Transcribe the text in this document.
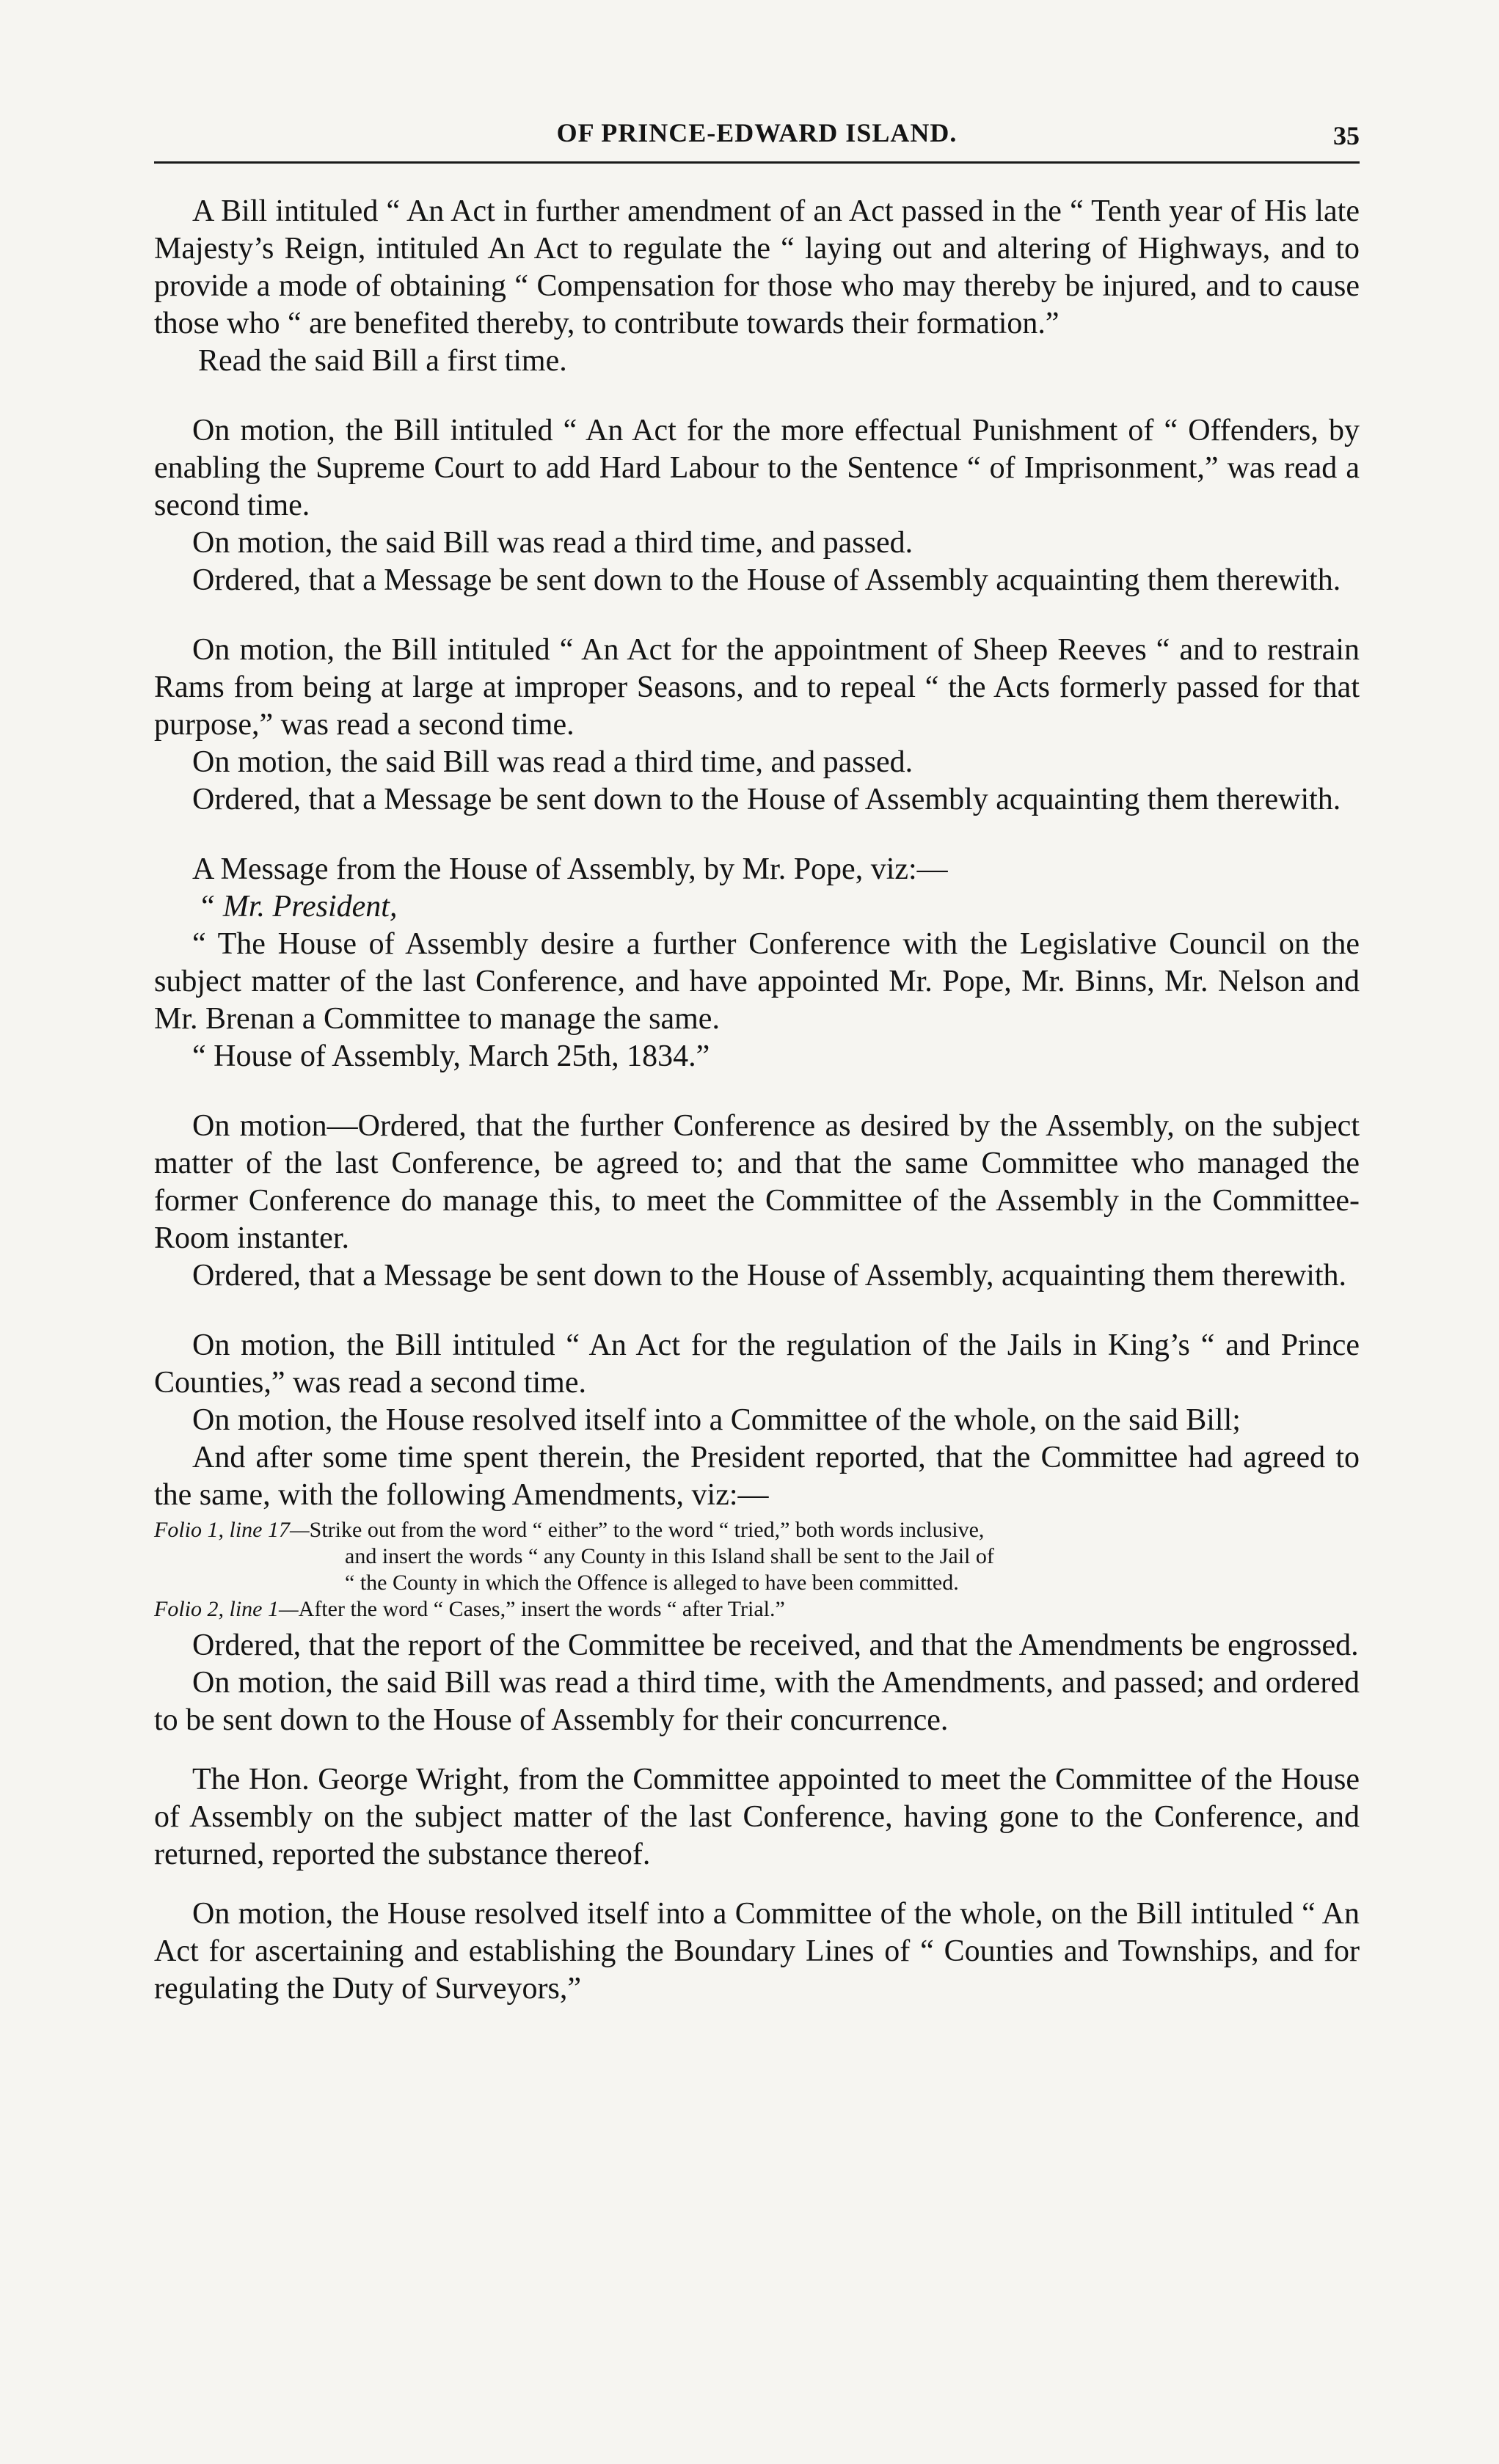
OF PRINCE-EDWARD ISLAND.	35

A Bill intituled “ An Act in further amendment of an Act passed in the “ Tenth year of His late Majesty’s Reign, intituled An Act to regulate the “ laying out and altering of Highways, and to provide a mode of obtaining “ Compensation for those who may thereby be injured, and to cause those who “ are benefited thereby, to contribute towards their formation.”

Read the said Bill a first time.

On motion, the Bill intituled “ An Act for the more effectual Punishment of “ Offenders, by enabling the Supreme Court to add Hard Labour to the Sentence “ of Imprisonment,” was read a second time.

On motion, the said Bill was read a third time, and passed.

Ordered, that a Message be sent down to the House of Assembly acquainting them therewith.

On motion, the Bill intituled “ An Act for the appointment of Sheep Reeves “ and to restrain Rams from being at large at improper Seasons, and to repeal “ the Acts formerly passed for that purpose,” was read a second time.

On motion, the said Bill was read a third time, and passed.

Ordered, that a Message be sent down to the House of Assembly acquainting them therewith.

A Message from the House of Assembly, by Mr. Pope, viz:—

“ Mr. President,

“ The House of Assembly desire a further Conference with the Legislative Council on the subject matter of the last Conference, and have appointed Mr. Pope, Mr. Binns, Mr. Nelson and Mr. Brenan a Committee to manage the same.

“ House of Assembly, March 25th, 1834.”

On motion—Ordered, that the further Conference as desired by the Assembly, on the subject matter of the last Conference, be agreed to; and that the same Committee who managed the former Conference do manage this, to meet the Committee of the Assembly in the Committee-Room instanter.

Ordered, that a Message be sent down to the House of Assembly, acquainting them therewith.

On motion, the Bill intituled “ An Act for the regulation of the Jails in King’s “ and Prince Counties,” was read a second time.

On motion, the House resolved itself into a Committee of the whole, on the said Bill;

And after some time spent therein, the President reported, that the Committee had agreed to the same, with the following Amendments, viz:—

Folio 1, line 17—Strike out from the word “ either” to the word “ tried,” both words inclusive,
and insert the words “ any County in this Island shall be sent to the Jail of
“ the County in which the Offence is alleged to have been committed.
Folio 2, line 1—After the word “ Cases,” insert the words “ after Trial.”

Ordered, that the report of the Committee be received, and that the Amendments be engrossed.

On motion, the said Bill was read a third time, with the Amendments, and passed; and ordered to be sent down to the House of Assembly for their concurrence.

The Hon. George Wright, from the Committee appointed to meet the Committee of the House of Assembly on the subject matter of the last Conference, having gone to the Conference, and returned, reported the substance thereof.

On motion, the House resolved itself into a Committee of the whole, on the Bill intituled “ An Act for ascertaining and establishing the Boundary Lines of “ Counties and Townships, and for regulating the Duty of Surveyors,”
